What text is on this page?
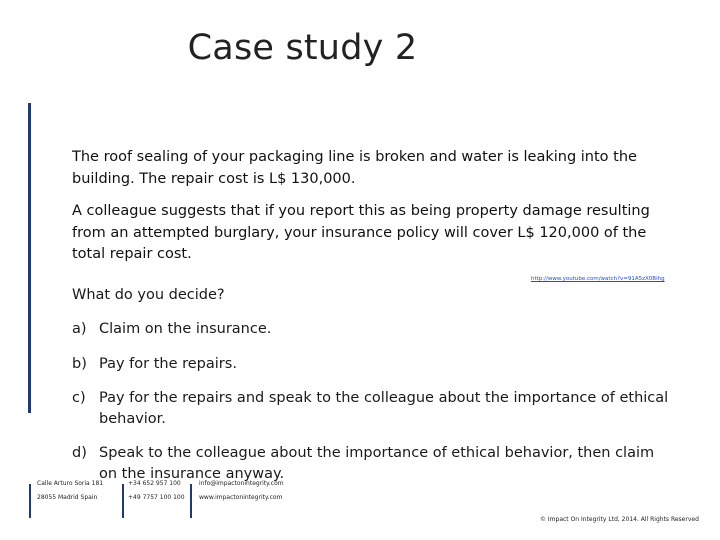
Case study 2
The roof sealing of your packaging line is broken and water is leaking into the building. The repair cost is L$ 130,000.
A colleague suggests that if you report this as being property damage resulting from an attempted burglary, your insurance policy will cover L$ 120,000 of the total repair cost.
http://www.youtube.com/watch?v=91A5zX0Bihg
What do you decide?
a) Claim on the insurance.
b) Pay for the repairs.
c) Pay for the repairs and speak to the colleague about the importance of ethical behavior.
d) Speak to the colleague about the importance of ethical behavior, then claim on the insurance anyway.
Calle Arturo Soria 181
28055 Madrid Spain
+34 652 957 100
+49 7757 100 100
info@impactonintegrity.com
www.impactonintegrity.com
© Impact On Integrity Ltd, 2014. All Rights Reserved
